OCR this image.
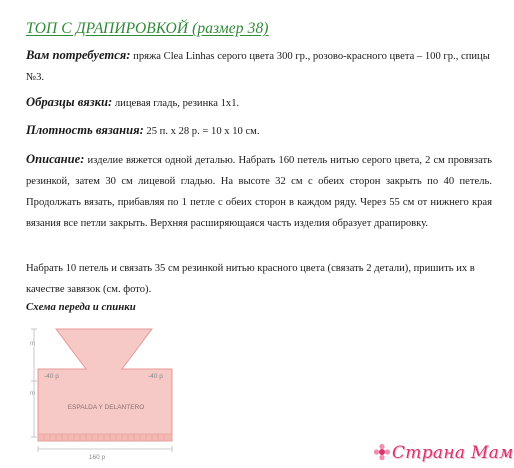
ТОП С ДРАПИРОВКОЙ (размер 38)

Вам потребуется: пряжа Clea Linhas серого цвета 300 гр., розово-красного цвета – 100 гр., спицы №3.

Образцы вязки: лицевая гладь, резинка 1x1.

Плотность вязания: 25 п. х 28 р. = 10 х 10 см.

Описание: изделие вяжется одной деталью. Набрать 160 петель нитью серого цвета, 2 см провязать резинкой, затем 30 см лицевой гладью. На высоте 32 см с обеих сторон закрыть по 40 петель. Продолжать вязать, прибавляя по 1 петле с обеих сторон в каждом ряду. Через 55 см от нижнего края вязания все петли закрыть. Верхняя расширяющаяся часть изделия образует драпировку.

Набрать 10 петель и связать 35 см резинкой нитью красного цвета (связать 2 детали), пришить их в качестве завязок (см. фото).

Схема переда и спинки
m
m
-40 p	-40 p
ESPALDA Y DELANTERO
160 p	Страна Мам
